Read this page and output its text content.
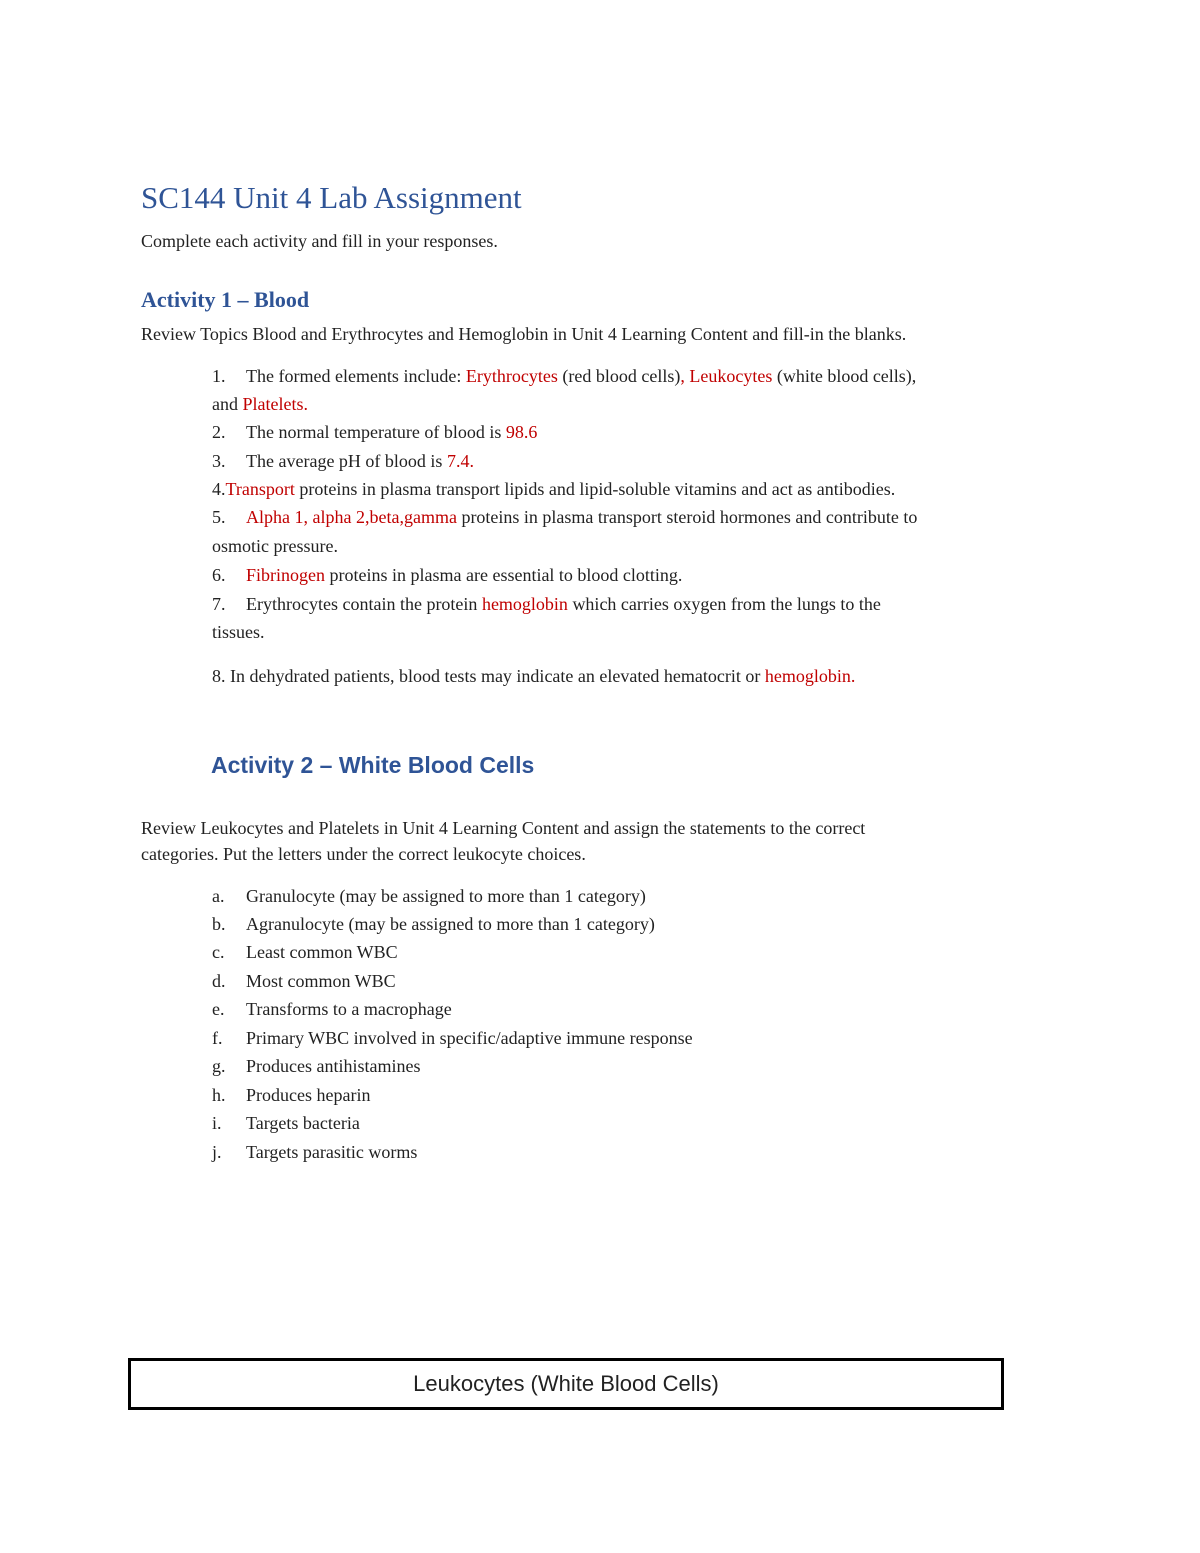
SC144 Unit 4 Lab Assignment
Complete each activity and fill in your responses.
Activity 1 – Blood
Review Topics Blood and Erythrocytes and Hemoglobin in Unit 4 Learning Content and fill-in the blanks.
1. The formed elements include: Erythrocytes (red blood cells), Leukocytes (white blood cells),
and Platelets.
2. The normal temperature of blood is 98.6
3. The average pH of blood is 7.4.
4.Transport proteins in plasma transport lipids and lipid-soluble vitamins and act as antibodies.
5. Alpha 1, alpha 2,beta,gamma proteins in plasma transport steroid hormones and contribute to
osmotic pressure.
6. Fibrinogen proteins in plasma are essential to blood clotting.
7. Erythrocytes contain the protein hemoglobin which carries oxygen from the lungs to the
tissues.
8. In dehydrated patients, blood tests may indicate an elevated hematocrit or hemoglobin.
Activity 2 – White Blood Cells
Review Leukocytes and Platelets in Unit 4 Learning Content and assign the statements to the correct
categories. Put the letters under the correct leukocyte choices.
a. Granulocyte (may be assigned to more than 1 category)
b. Agranulocyte (may be assigned to more than 1 category)
c. Least common WBC
d. Most common WBC
e. Transforms to a macrophage
f. Primary WBC involved in specific/adaptive immune response
g. Produces antihistamines
h. Produces heparin
i. Targets bacteria
j. Targets parasitic worms
Leukocytes (White Blood Cells)
